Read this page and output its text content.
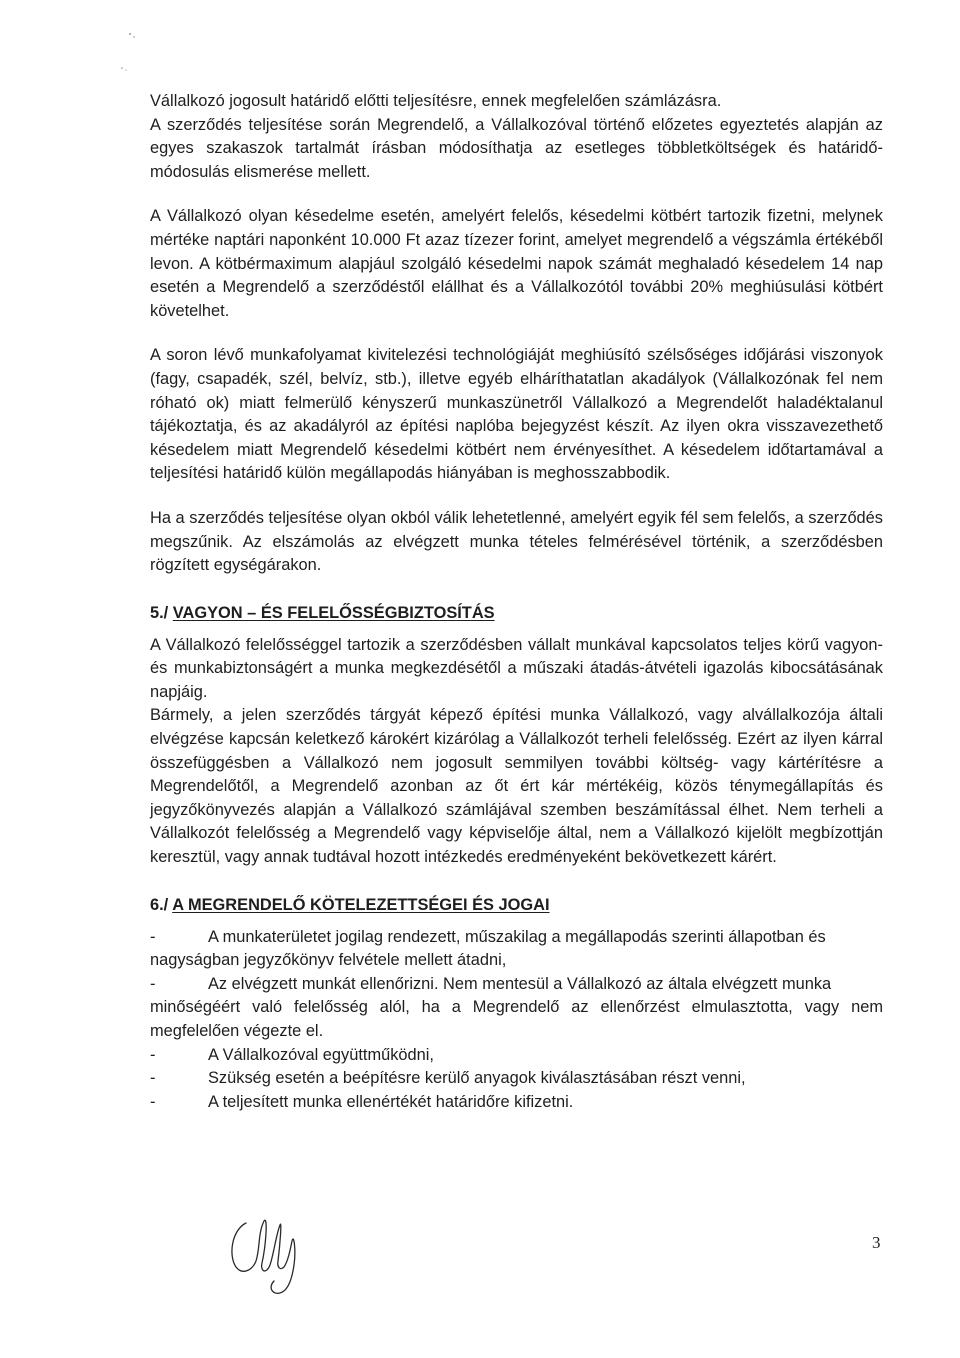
Vállalkozó jogosult határidő előtti teljesítésre, ennek megfelelően számlázásra.

A szerződés teljesítése során Megrendelő, a Vállalkozóval történő előzetes egyeztetés alapján az egyes szakaszok tartalmát írásban módosíthatja az esetleges többletköltségek és határidő-módosulás elismerése mellett.

A Vállalkozó olyan késedelme esetén, amelyért felelős, késedelmi kötbért tartozik fizetni, melynek mértéke naptári naponként 10.000 Ft azaz tízezer forint, amelyet megrendelő a végszámla értékéből levon. A kötbérmaximum alapjául szolgáló késedelmi napok számát meghaladó késedelem 14 nap esetén a Megrendelő a szerződéstől elállhat és a Vállalkozótól további 20% meghiúsulási kötbért követelhet.

A soron lévő munkafolyamat kivitelezési technológiáját meghiúsító szélsőséges időjárási viszonyok (fagy, csapadék, szél, belvíz, stb.), illetve egyéb elháríthatatlan akadályok (Vállalkozónak fel nem róható ok) miatt felmerülő kényszerű munkaszünetről Vállalkozó a Megrendelőt haladéktalanul tájékoztatja, és az akadályról az építési naplóba bejegyzést készít. Az ilyen okra visszavezethető késedelem miatt Megrendelő késedelmi kötbért nem érvényesíthet. A késedelem időtartamával a teljesítési határidő külön megállapodás hiányában is meghosszabbodik.

Ha a szerződés teljesítése olyan okból válik lehetetlenné, amelyért egyik fél sem felelős, a szerződés megszűnik. Az elszámolás az elvégzett munka tételes felmérésével történik, a szerződésben rögzített egységárakon.

5./ VAGYON – ÉS FELELŐSSÉGBIZTOSÍTÁS

A Vállalkozó felelősséggel tartozik a szerződésben vállalt munkával kapcsolatos teljes körű vagyon-és munkabiztonságért a munka megkezdésétől a műszaki átadás-átvételi igazolás kibocsátásának napjáig.

Bármely, a jelen szerződés tárgyát képező építési munka Vállalkozó, vagy alvállalkozója általi elvégzése kapcsán keletkező károkért kizárólag a Vállalkozót terheli felelősség. Ezért az ilyen kárral összefüggésben a Vállalkozó nem jogosult semmilyen további költség- vagy kártérítésre a Megrendelőtől, a Megrendelő azonban az őt ért kár mértékéig, közös ténymegállapítás és jegyzőkönyvezés alapján a Vállalkozó számlájával szemben beszámítással élhet. Nem terheli a Vállalkozót felelősség a Megrendelő vagy képviselője által, nem a Vállalkozó kijelölt megbízottján keresztül, vagy annak tudtával hozott intézkedés eredményeként bekövetkezett kárért.

6./ A MEGRENDELŐ KÖTELEZETTSÉGEI ÉS JOGAI

-	A munkaterületet jogilag rendezett, műszakilag a megállapodás szerinti állapotban és

nagyságban jegyzőkönyv felvétele mellett átadni,

-	Az elvégzett munkát ellenőrizni. Nem mentesül a Vállalkozó az általa elvégzett munka

minőségéért való felelősség alól, ha a Megrendelő az ellenőrzést elmulasztotta, vagy nem megfelelően végezte el.

-	A Vállalkozóval együttműködni,
-	Szükség esetén a beépítésre kerülő anyagok kiválasztásában részt venni,
-	A teljesített munka ellenértékét határidőre kifizetni.
3
